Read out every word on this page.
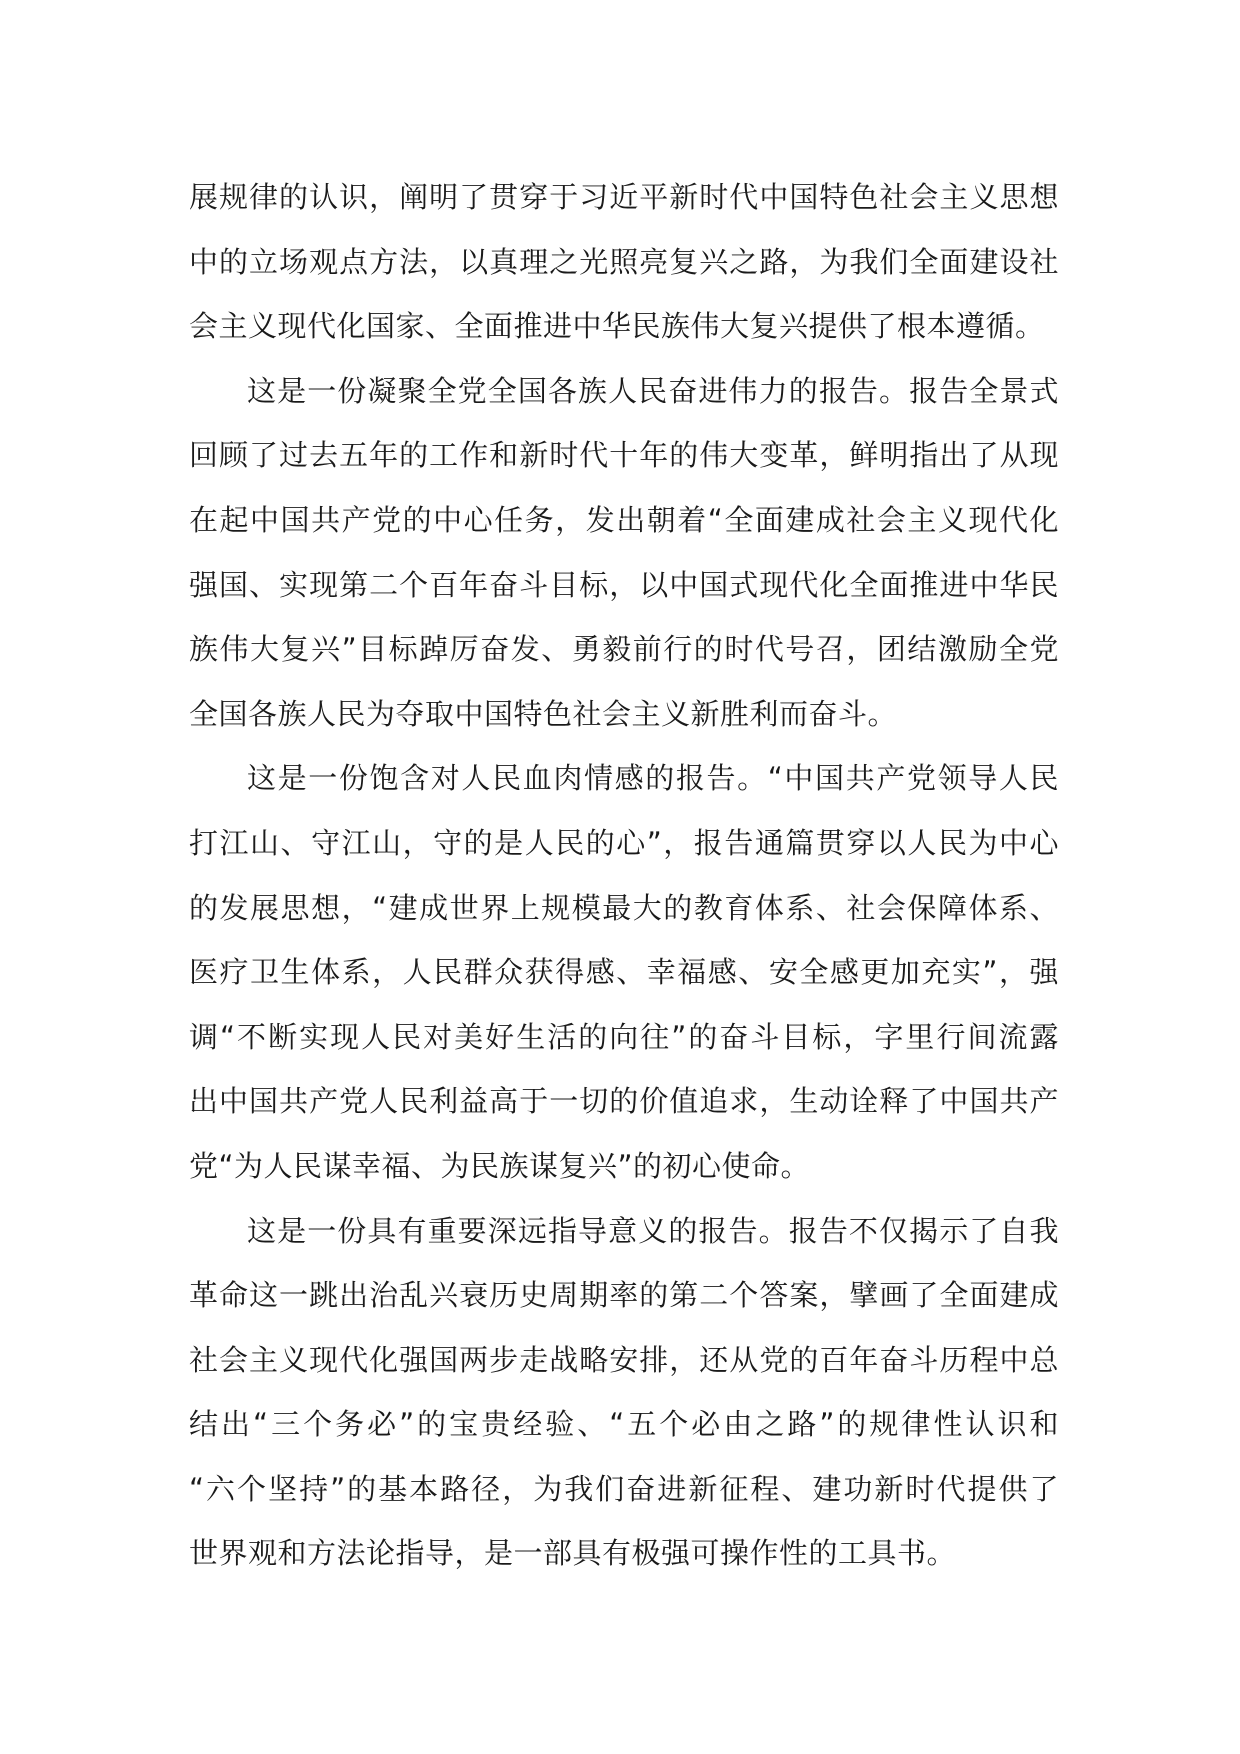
展规律的认识，阐明了贯穿于习近平新时代中国特色社会主义思想
中的立场观点方法，以真理之光照亮复兴之路，为我们全面建设社
会主义现代化国家、全面推进中华民族伟大复兴提供了根本遵循。
这是一份凝聚全党全国各族人民奋进伟力的报告。报告全景式
回顾了过去五年的工作和新时代十年的伟大变革，鲜明指出了从现
在起中国共产党的中心任务，发出朝着“全面建成社会主义现代化
强国、实现第二个百年奋斗目标，以中国式现代化全面推进中华民
族伟大复兴”目标踔厉奋发、勇毅前行的时代号召，团结激励全党
全国各族人民为夺取中国特色社会主义新胜利而奋斗。
这是一份饱含对人民血肉情感的报告。“中国共产党领导人民
打江山、守江山，守的是人民的心”，报告通篇贯穿以人民为中心
的发展思想，“建成世界上规模最大的教育体系、社会保障体系、
医疗卫生体系，人民群众获得感、幸福感、安全感更加充实”，强
调“不断实现人民对美好生活的向往”的奋斗目标，字里行间流露
出中国共产党人民利益高于一切的价值追求，生动诠释了中国共产
党“为人民谋幸福、为民族谋复兴”的初心使命。
这是一份具有重要深远指导意义的报告。报告不仅揭示了自我
革命这一跳出治乱兴衰历史周期率的第二个答案，擘画了全面建成
社会主义现代化强国两步走战略安排，还从党的百年奋斗历程中总
结出“三个务必”的宝贵经验、“五个必由之路”的规律性认识和
“六个坚持”的基本路径，为我们奋进新征程、建功新时代提供了
世界观和方法论指导，是一部具有极强可操作性的工具书。
